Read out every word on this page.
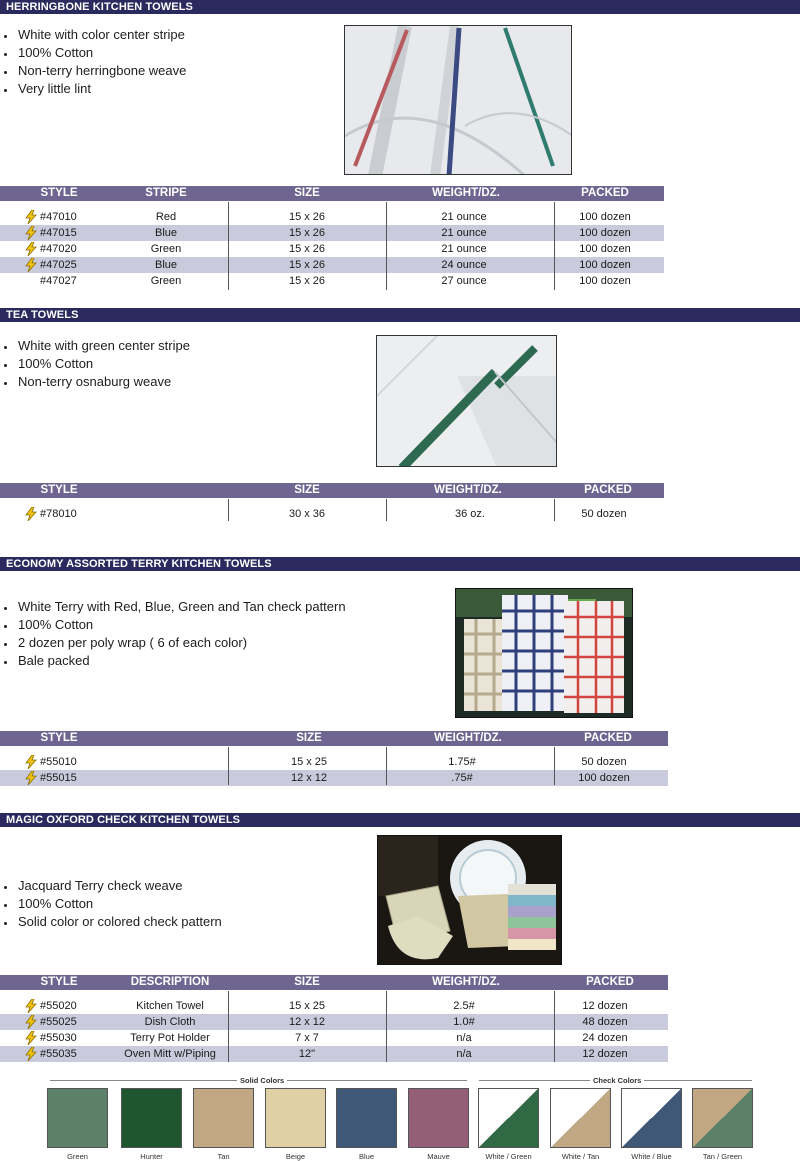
HERRINGBONE KITCHEN TOWELS
White with color center stripe
100% Cotton
Non-terry herringbone weave
Very little lint
STYLE	STRIPE	SIZE	WEIGHT/DZ.	PACKED
#47010	Red	15 x 26	21 ounce	100 dozen
#47015	Blue	15 x 26	21 ounce	100 dozen
#47020	Green	15 x 26	21 ounce	100 dozen
#47025	Blue	15 x 26	24 ounce	100 dozen
#47027	Green	15 x 26	27 ounce	100 dozen
TEA TOWELS
White with green center stripe
100% Cotton
Non-terry osnaburg weave
STYLE	SIZE	WEIGHT/DZ.	PACKED
#78010	30 x 36	36 oz.	50 dozen
ECONOMY ASSORTED TERRY KITCHEN TOWELS
White Terry with Red, Blue, Green and Tan check pattern
100% Cotton
2 dozen per poly wrap ( 6 of each color)
Bale packed
STYLE	SIZE	WEIGHT/DZ.	PACKED
#55010	15 x 25	1.75#	50 dozen
#55015	12 x 12	.75#	100 dozen
MAGIC OXFORD CHECK KITCHEN TOWELS
Jacquard Terry check weave
100% Cotton
Solid color or colored check pattern
STYLE	DESCRIPTION	SIZE	WEIGHT/DZ.	PACKED
#55020	Kitchen Towel	15 x 25	2.5#	12 dozen
#55025	Dish Cloth	12 x 12	1.0#	48 dozen
#55030	Terry Pot Holder	7 x 7	n/a	24 dozen
#55035	Oven Mitt w/Piping	12"	n/a	12 dozen
Solid Colors	Check Colors
Green	Hunter	Tan	Beige	Blue	Mauve	White / Green	White / Tan	White / Blue	Tan / Green
